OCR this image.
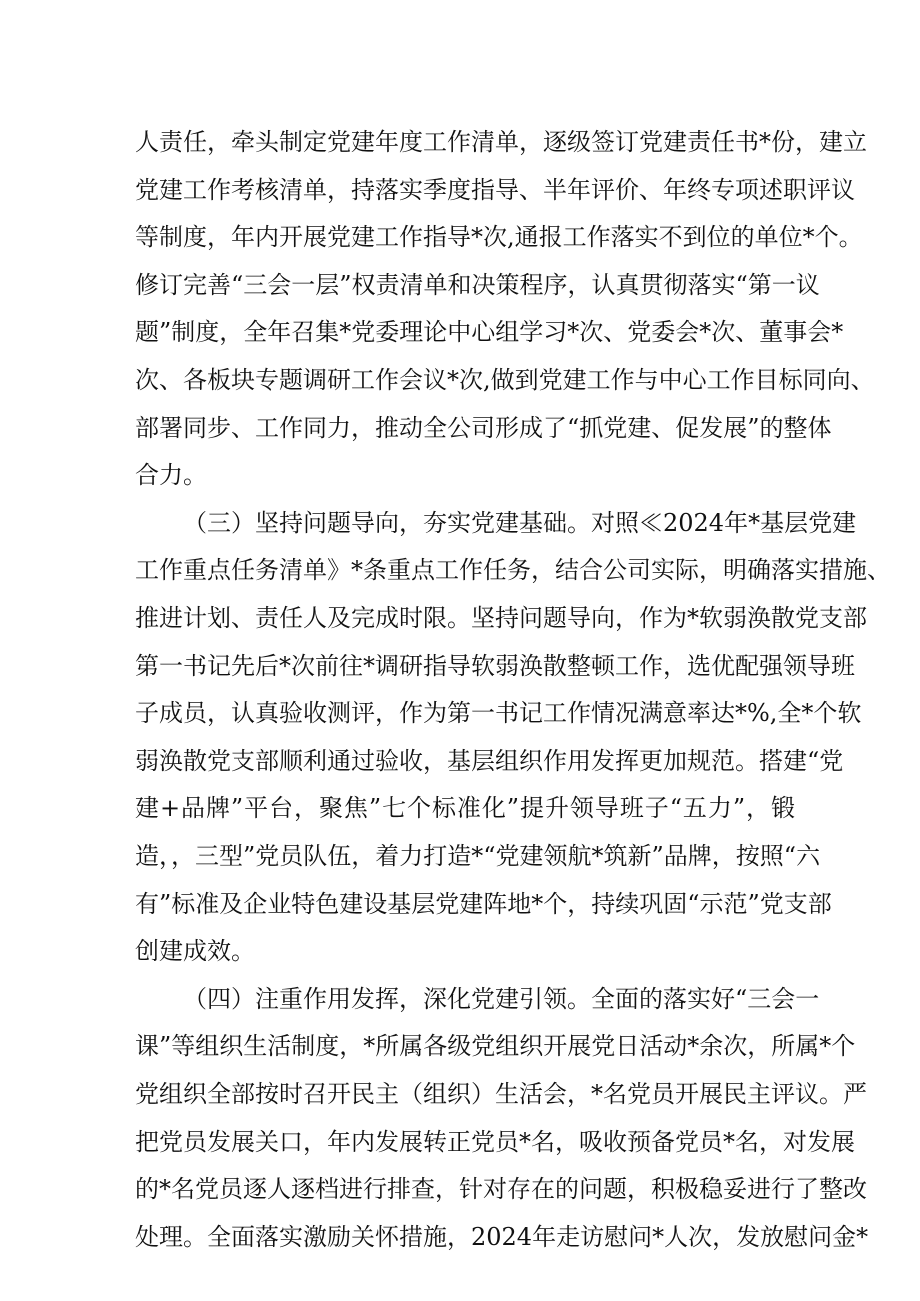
人责任，牵头制定党建年度工作清单，逐级签订党建责任书*份，建立
党建工作考核清单，持落实季度指导、半年评价、年终专项述职评议
等制度，年内开展党建工作指导*次,通报工作落实不到位的单位*个。
修订完善“三会一层”权责清单和决策程序，认真贯彻落实“第一议
题”制度，全年召集*党委理论中心组学习*次、党委会*次、董事会*
次、各板块专题调研工作会议*次,做到党建工作与中心工作目标同向、
部署同步、工作同力，推动全公司形成了“抓党建、促发展”的整体
合力。
（三）坚持问题导向，夯实党建基础。对照≪2024年*基层党建
工作重点任务清单》*条重点工作任务，结合公司实际，明确落实措施、
推进计划、责任人及完成时限。坚持问题导向，作为*软弱涣散党支部
第一书记先后*次前往*调研指导软弱涣散整顿工作，选优配强领导班
子成员，认真验收测评，作为第一书记工作情况满意率达*%,全*个软
弱涣散党支部顺利通过验收，基层组织作用发挥更加规范。搭建“党
建+品牌”平台，聚焦”七个标准化”提升领导班子“五力”，锻
造，，三型”党员队伍，着力打造*“党建领航*筑新”品牌，按照“六
有”标准及企业特色建设基层党建阵地*个，持续巩固“示范”党支部
创建成效。
（四）注重作用发挥，深化党建引领。全面的落实好“三会一
课”等组织生活制度，*所属各级党组织开展党日活动*余次，所属*个
党组织全部按时召开民主（组织）生活会，*名党员开展民主评议。严
把党员发展关口，年内发展转正党员*名，吸收预备党员*名，对发展
的*名党员逐人逐档进行排查，针对存在的问题，积极稳妥进行了整改
处理。全面落实激励关怀措施，2024年走访慰问*人次，发放慰问金*
